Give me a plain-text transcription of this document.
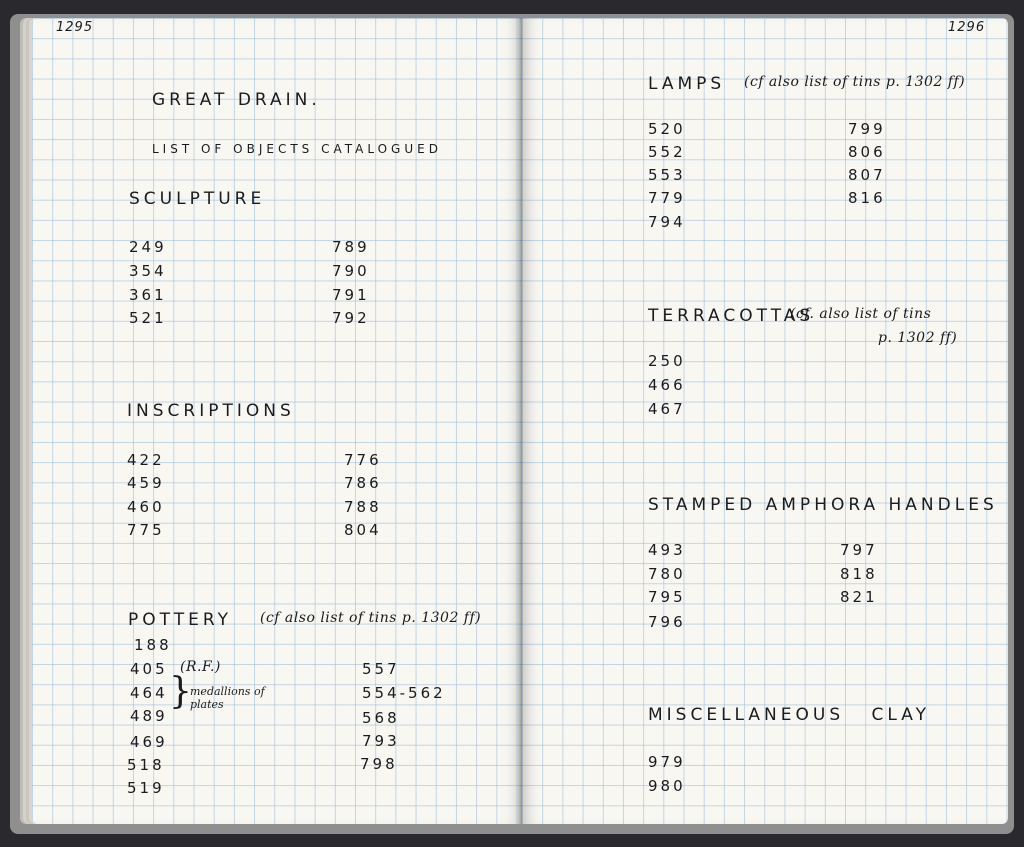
1295
GREAT DRAIN.
LIST OF OBJECTS CATALOGUED
SCULPTURE
249
354
361
521
789
790
791
792
INSCRIPTIONS
422
459
460
775
776
786
788
804
POTTERY (cf also list of tins p. 1302 ff)
188
405 (R.F.)
464
489
}
medallions of plates
469
518
519
557
554-562
568
793
798
1296
LAMPS (cf also list of tins p. 1302 ff)
520
552
553
779
794
799
806
807
816
TERRACOTTAS
(cf. also list of tins
p. 1302 ff)
250
466
467
STAMPED AMPHORA HANDLES
493
780
795
796
797
818
821
MISCELLANEOUS CLAY
979
980
